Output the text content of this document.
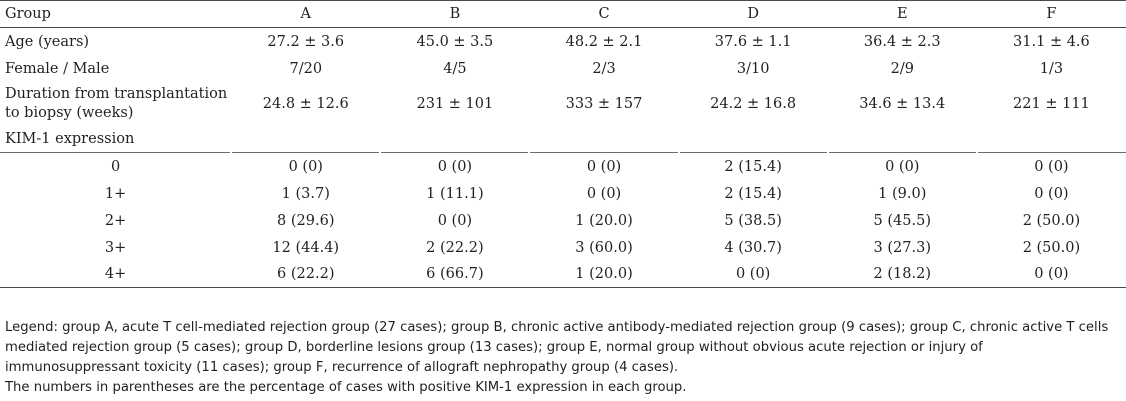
Group	A	B	C	D	E	F
Age (years)	27.2 ± 3.6	45.0 ± 3.5	48.2 ± 2.1	37.6 ± 1.1	36.4 ± 2.3	31.1 ± 4.6
Female / Male	7/20	4/5	2/3	3/10	2/9	1/3
Duration from transplantation to biopsy (weeks)	24.8 ± 12.6	231 ± 101	333 ± 157	24.2 ± 16.8	34.6 ± 13.4	221 ± 111
KIM-1 expression						
0	0 (0)	0 (0)	0 (0)	2 (15.4)	0 (0)	0 (0)
1+	1 (3.7)	1 (11.1)	0 (0)	2 (15.4)	1 (9.0)	0 (0)
2+	8 (29.6)	0 (0)	1 (20.0)	5 (38.5)	5 (45.5)	2 (50.0)
3+	12 (44.4)	2 (22.2)	3 (60.0)	4 (30.7)	3 (27.3)	2 (50.0)
4+	6 (22.2)	6 (66.7)	1 (20.0)	0 (0)	2 (18.2)	0 (0)

Legend: group A, acute T cell-mediated rejection group (27 cases); group B, chronic active antibody-mediated rejection group (9 cases); group C, chronic active T cells mediated rejection group (5 cases); group D, borderline lesions group (13 cases); group E, normal group without obvious acute rejection or injury of immunosuppressant toxicity (11 cases); group F, recurrence of allograft nephropathy group (4 cases).

The numbers in parentheses are the percentage of cases with positive KIM-1 expression in each group.
